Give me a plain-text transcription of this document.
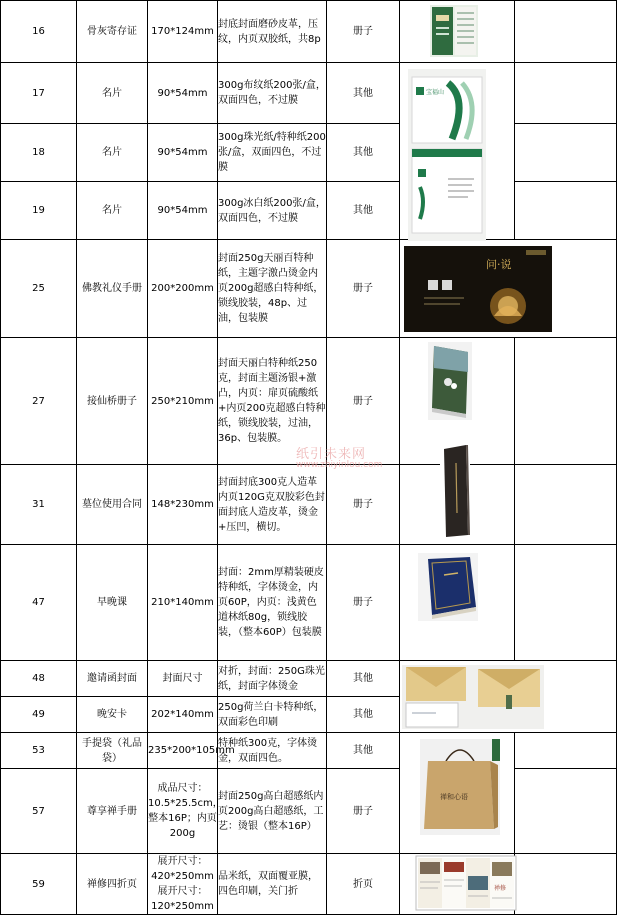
16	骨灰寄存证	170*124mm	封底封面磨砂皮革，压纹，内页双胶纸，共8p	册子	

17	名片	90*54mm	300g布纹纸200张/盒，双面四色，不过膜	其他	宝福山	

18	名片	90*54mm	300g珠光纸/特种纸200张/盒，双面四色，不过膜	其他		
19	名片	90*54mm	300g冰白纸200张/盒，双面四色，不过膜	其他		
25	佛教礼仪手册	200*200mm	封面250g天丽百特种纸，主题字激凸烫金内页200g超感白特种纸，锁线胶装，48p、过油，包装膜	册子	问·说	

27	接仙桥册子	250*210mm	封面天丽白特种纸250克，封面主题汤银+激凸，内页：扉页硫酸纸+内页200克超感白特种纸，锁线胶装，过油，36p、包装膜。	册子	

31	墓位使用合同	148*230mm	封面封底300克人造革内页120G克双胶彩色封面封底人造皮革，烫金+压凹，横切。	册子	

47	早晚课	210*140mm	封面：2mm厚精装硬皮特种纸，字体烫金，内页60P，内页：浅黄色道林纸80g，锁线胶装，（整本60P）包装膜	册子	

48	邀请函封面	封面尺寸	对折，封面：250G珠光纸，封面字体烫金	其他	

49	晚安卡	202*140mm	250g荷兰白卡特种纸，双面彩色印刷	其他		
53	手提袋（礼品袋）	235*200*105mm	特种纸300克，字体烫金，双面四色。	其他	禅和心语	

57	尊享禅手册	成品尺寸：10.5*25.5cm，整本16P；内页200g	封面250g高白超感纸内页200g高白超感纸，工艺：烫银（整本16P）	册子		
59	禅修四折页	展开尺寸：420*250mm展开尺寸：120*250mm	品米纸，双面覆亚膜，四色印刷，关门折	折页	禅修	

纸引未来网
www.zhiyinlou.com
